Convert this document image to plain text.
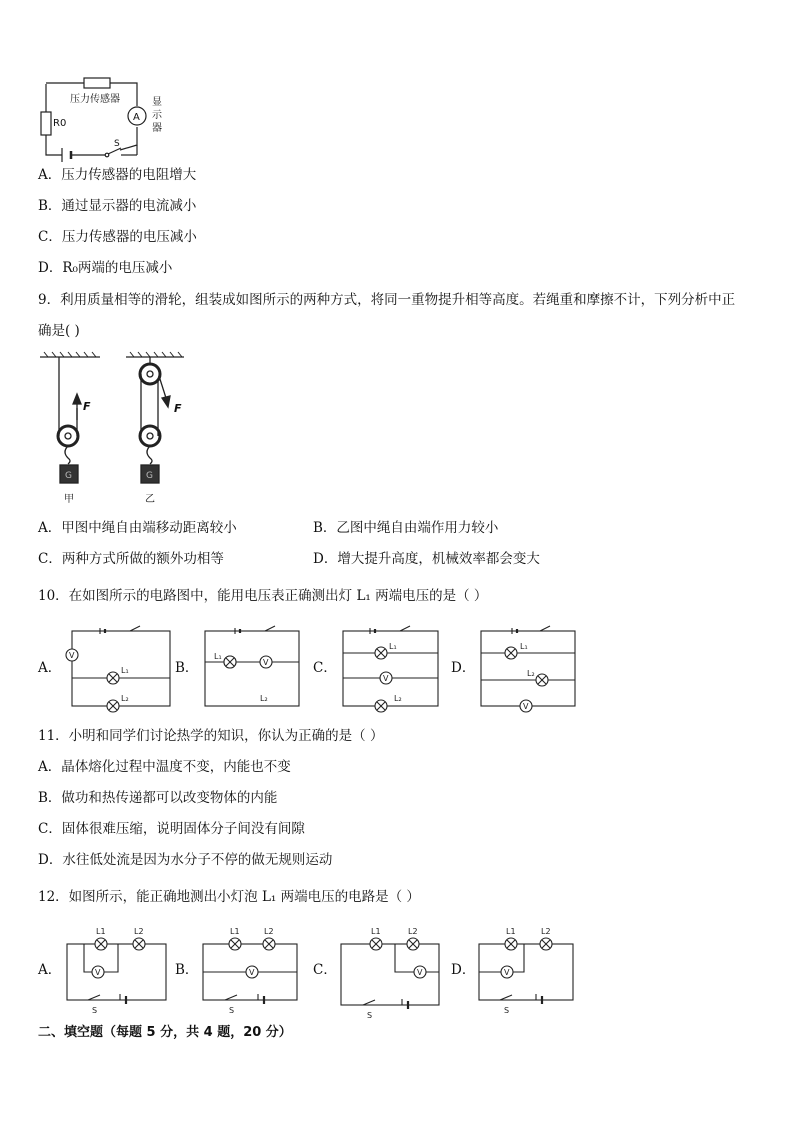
压力传感器
A
R0
S
显示器
A．压力传感器的电阻增大
B．通过显示器的电流减小
C．压力传感器的电压减小
D．R₀两端的电压减小
9．利用质量相等的滑轮，组装成如图所示的两种方式，将同一重物提升相等高度。若绳重和摩擦不计，下列分析中正
确是( )
F	F
G	G
甲	乙
A．甲图中绳自由端移动距离较小	B．乙图中绳自由端作用力较小
C．两种方式所做的额外功相等	D．增大提升高度，机械效率都会变大
10．在如图所示的电路图中，能用电压表正确测出灯 L₁ 两端电压的是（ ）
A．	B．	C．	D．
V
L₁
L₂
L₁
V
L₂
L₁
V
L₂
L₁
L₂
V
11．小明和同学们讨论热学的知识，你认为正确的是（ ）
A．晶体熔化过程中温度不变，内能也不变
B．做功和热传递都可以改变物体的内能
C．固体很难压缩，说明固体分子间没有间隙
D．水往低处流是因为水分子不停的做无规则运动
12．如图所示，能正确地测出小灯泡 L₁ 两端电压的电路是（ ）
A．	B．	C．	D．
L1	L2
V
S
L1	L2
V
S
L1	L2
V
S
L1	L2
V
S
二、填空题（每题 5 分，共 4 题，20 分）
